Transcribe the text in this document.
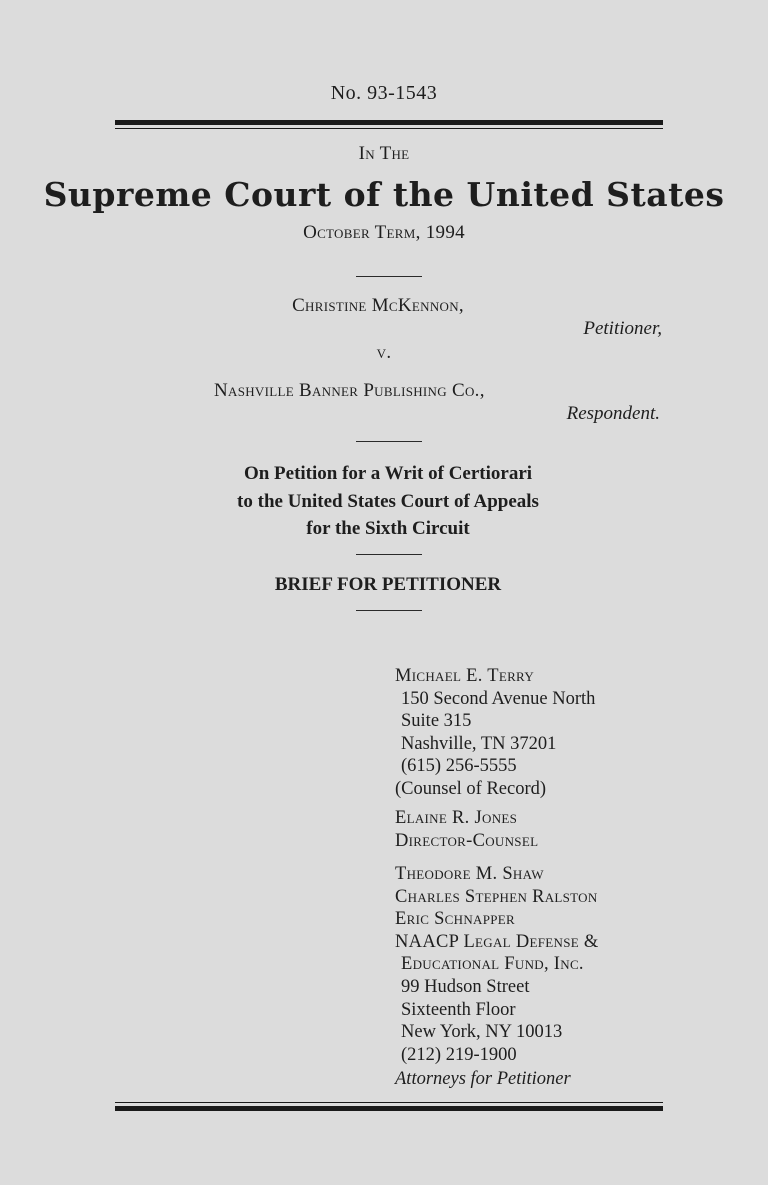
No. 93-1543
In The
Supreme Court of the United States
October Term, 1994
Christine McKennon,
Petitioner,
v.
Nashville Banner Publishing Co.,
Respondent.
On Petition for a Writ of Certiorari
to the United States Court of Appeals
for the Sixth Circuit
BRIEF FOR PETITIONER
Michael E. Terry
150 Second Avenue North
Suite 315
Nashville, TN 37201
(615) 256-5555
(Counsel of Record)
Elaine R. Jones
Director-Counsel
Theodore M. Shaw
Charles Stephen Ralston
Eric Schnapper
NAACP Legal Defense &
Educational Fund, Inc.
99 Hudson Street
Sixteenth Floor
New York, NY 10013
(212) 219-1900
Attorneys for Petitioner
